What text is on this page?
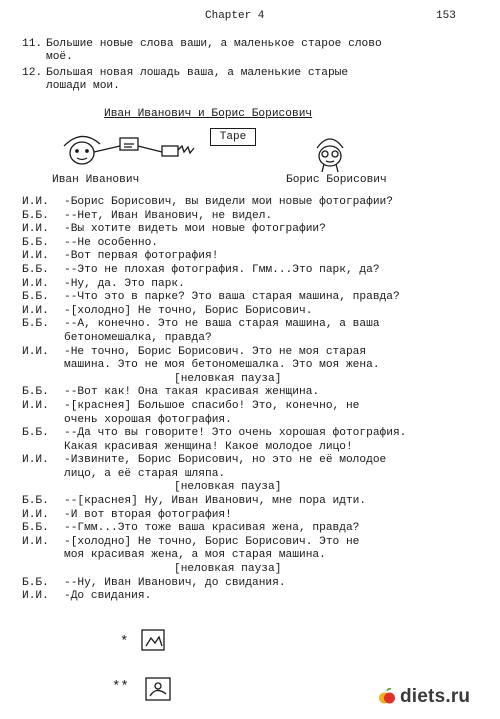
Chapter 4	153
11. Большие новые слова ваши, а маленькое старое слово
моё.
12. Большая новая лошадь ваша, а маленькие старые
лошади мои.
Иван Иванович и Борис Борисович
Tape
*
**
Иван Иванович	Борис Борисович
И.И.	-Борис Борисович, вы видели мои новые фотографии?
Б.Б.	--Нет, Иван Иванович, не видел.
И.И.	-Вы хотите видеть мои новые фотографии?
Б.Б.	--Не особенно.
И.И.	-Вот первая фотография!
Б.Б.	--Это не плохая фотография. Гмм...Это парк, да?
И.И.	-Ну, да. Это парк.
Б.Б.	--Что это в парке? Это ваша старая машина, правда?
И.И.	-[холодно] Не точно, Борис Борисович.
Б.Б.	--А, конечно. Это не ваша старая машина, а ваша
бетономешалка, правда?
И.И.	-Не точно, Борис Борисович. Это не моя старая
машина. Это не моя бетономешалка. Это моя жена.
[неловкая пауза]
Б.Б.	--Вот как! Она такая красивая женщина.
И.И.	-[краснея] Большое спасибо! Это, конечно, не
очень хорошая фотография.
Б.Б.	--Да что вы говорите! Это очень хорошая фотография.
Какая красивая женщина! Какое молодое лицо!
И.И.	-Извините, Борис Борисович, но это не её молодое
лицо, а её старая шляпа.
[неловкая пауза]
Б.Б.	--[краснея] Ну, Иван Иванович, мне пора идти.
И.И.	-И вот вторая фотография!
Б.Б.	--Гмм...Это тоже ваша красивая жена, правда?
И.И.	-[холодно] Не точно, Борис Борисович. Это не
моя красивая жена, а моя старая машина.
[неловкая пауза]
Б.Б.	--Ну, Иван Иванович, до свидания.
И.И.	-До свидания.
diets.ru
